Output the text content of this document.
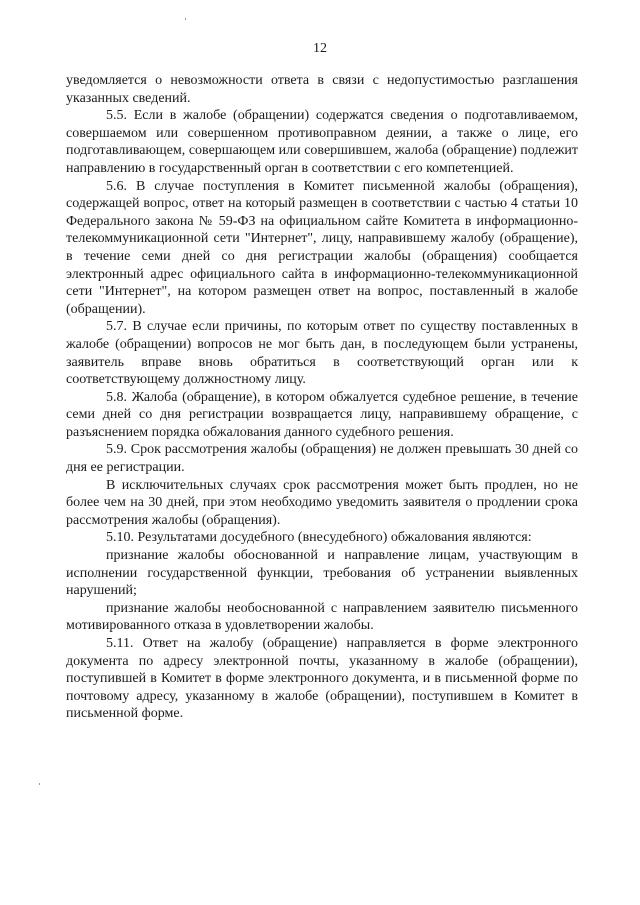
12

уведомляется о невозможности ответа в связи с недопустимостью разглашения указанных сведений.

5.5. Если в жалобе (обращении) содержатся сведения о подготавливаемом, совершаемом или совершенном противоправном деянии, а также о лице, его подготавливающем, совершающем или совершившем, жалоба (обращение) подлежит направлению в государственный орган в соответствии с его компетенцией.

5.6. В случае поступления в Комитет письменной жалобы (обращения), содержащей вопрос, ответ на который размещен в соответствии с частью 4 статьи 10 Федерального закона № 59-ФЗ на официальном сайте Комитета в информационно-телекоммуникационной сети "Интернет", лицу, направившему жалобу (обращение), в течение семи дней со дня регистрации жалобы (обращения) сообщается электронный адрес официального сайта в информационно-телекоммуникационной сети "Интернет", на котором размещен ответ на вопрос, поставленный в жалобе (обращении).

5.7. В случае если причины, по которым ответ по существу поставленных в жалобе (обращении) вопросов не мог быть дан, в последующем были устранены, заявитель вправе вновь обратиться в соответствующий орган или к соответствующему должностному лицу.

5.8. Жалоба (обращение), в котором обжалуется судебное решение, в течение семи дней со дня регистрации возвращается лицу, направившему обращение, с разъяснением порядка обжалования данного судебного решения.

5.9. Срок рассмотрения жалобы (обращения) не должен превышать 30 дней со дня ее регистрации.

В исключительных случаях срок рассмотрения может быть продлен, но не более чем на 30 дней, при этом необходимо уведомить заявителя о продлении срока рассмотрения жалобы (обращения).

5.10. Результатами досудебного (внесудебного) обжалования являются:

признание жалобы обоснованной и направление лицам, участвующим в исполнении государственной функции, требования об устранении выявленных нарушений;

признание жалобы необоснованной с направлением заявителю письменного мотивированного отказа в удовлетворении жалобы.

5.11. Ответ на жалобу (обращение) направляется в форме электронного документа по адресу электронной почты, указанному в жалобе (обращении), поступившей в Комитет в форме электронного документа, и в письменной форме по почтовому адресу, указанному в жалобе (обращении), поступившем в Комитет в письменной форме.
